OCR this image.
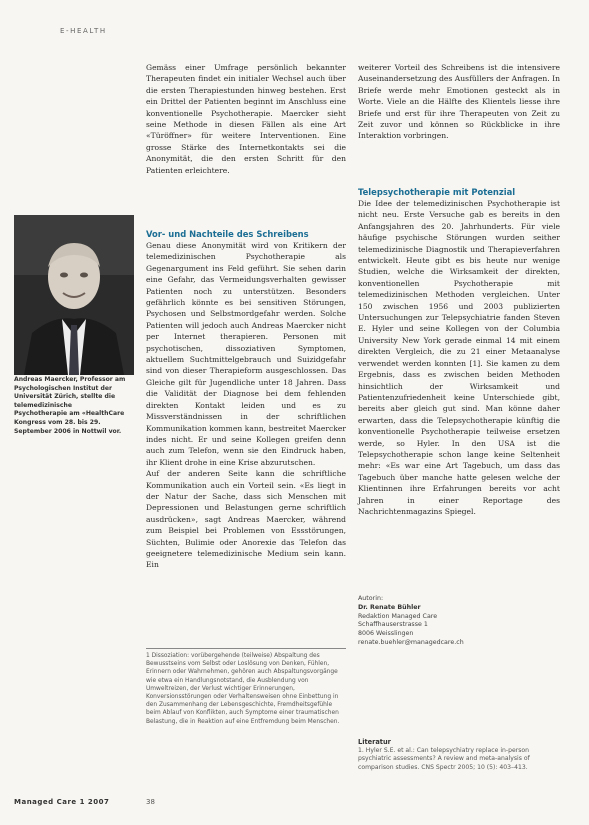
E-HEALTH
Andreas Maercker, Professor am Psychologischen Institut der Universität Zürich, stellte die telemedizinische Psychotherapie am «HealthCare Kongress vom 28. bis 29. September 2006 in Nottwil vor.

Gemäss einer Umfrage persönlich bekannter Therapeuten findet ein initialer Wechsel auch über die ersten Therapiestunden hinweg bestehen. Erst ein Drittel der Patienten beginnt im Anschluss eine konventionelle Psychotherapie. Maercker sieht seine Methode in diesen Fällen als eine Art «Türöffner» für weitere Interventionen. Eine grosse Stärke des Internetkontakts sei die Anonymität, die den ersten Schritt für den Patienten erleichtere.

Vor- und Nachteile des Schreibens

Genau diese Anonymität wird von Kritikern der telemedizinischen Psychotherapie als Gegenargument ins Feld geführt. Sie sehen darin eine Gefahr, das Vermeidungsverhalten gewisser Patienten noch zu unterstützen. Besonders gefährlich könnte es bei sensitiven Störungen, Psychosen und Selbstmordgefahr werden. Solche Patienten will jedoch auch Andreas Maercker nicht per Internet therapieren. Personen mit psychotischen, dissoziativen Symptomen, aktuellem Suchtmittelgebrauch und Suizidgefahr sind von dieser Therapieform ausgeschlossen. Das Gleiche gilt für Jugendliche unter 18 Jahren. Dass die Validität der Diagnose bei dem fehlenden direkten Kontakt leiden und es zu Missverständnissen in der schriftlichen Kommunikation kommen kann, bestreitet Maercker indes nicht. Er und seine Kollegen greifen denn auch zum Telefon, wenn sie den Eindruck haben, ihr Klient drohe in eine Krise abzurutschen.

Auf der anderen Seite kann die schriftliche Kommunikation auch ein Vorteil sein. «Es liegt in der Natur der Sache, dass sich Menschen mit Depressionen und Belastungen gerne schriftlich ausdrücken», sagt Andreas Maercker, während zum Beispiel bei Problemen von Essstörungen, Süchten, Bulimie oder Anorexie das Telefon das geeignetere telemedizinische Medium sein kann. Ein

1 Dissoziation: vorübergehende (teilweise) Abspaltung des Bewusstseins vom Selbst oder Loslösung von Denken, Fühlen, Erinnern oder Wahrnehmen, gehören auch Abspaltungsvorgänge wie etwa ein Handlungsnotstand, die Ausblendung von Umweltreizen, der Verlust wichtiger Erinnerungen, Konversionsstörungen oder Verhaltensweisen ohne Einbettung in den Zusammenhang der Lebensgeschichte, Fremdheitsgefühle beim Ablauf von Konflikten, auch Symptome einer traumatischen Belastung, die in Reaktion auf eine Entfremdung beim Menschen.

weiterer Vorteil des Schreibens ist die intensivere Auseinandersetzung des Ausfüllers der Anfragen. In Briefe werde mehr Emotionen gesteckt als in Worte. Viele an die Hälfte des Klientels liesse ihre Briefe und erst für ihre Therapeuten von Zeit zu Zeit zuvor und können so Rückblicke in ihre Interaktion vorbringen.

Telepsychotherapie mit Potenzial

Die Idee der telemedizinischen Psychotherapie ist nicht neu. Erste Versuche gab es bereits in den Anfangsjahren des 20. Jahrhunderts. Für viele häufige psychische Störungen wurden seither telemedizinische Diagnostik und Therapieverfahren entwickelt. Heute gibt es bis heute nur wenige Studien, welche die Wirksamkeit der direkten, konventionellen Psychotherapie mit telemedizinischen Methoden vergleichen. Unter 150 zwischen 1956 und 2003 publizierten Untersuchungen zur Telepsychiatrie fanden Steven E. Hyler und seine Kollegen von der Columbia University New York gerade einmal 14 mit einem direkten Vergleich, die zu 21 einer Metaanalyse verwendet werden konnten [1]. Sie kamen zu dem Ergebnis, dass es zwischen beiden Methoden hinsichtlich der Wirksamkeit und Patientenzufriedenheit keine Unterschiede gibt, bereits aber gleich gut sind. Man könne daher erwarten, dass die Telepsychotherapie künftig die konventionelle Psychotherapie teilweise ersetzen werde, so Hyler. In den USA ist die Telepsychotherapie schon lange keine Seltenheit mehr: «Es war eine Art Tagebuch, um dass das Tagebuch über manche hatte gelesen welche der Klientinnen ihre Erfahrungen bereits vor acht Jahren in einer Reportage des Nachrichtenmagazins Spiegel.

Autorin:
Dr. Renate Bühler
Redaktion Managed Care
Schaffhauserstrasse 1
8006 Weisslingen
renate.buehler@managedcare.ch
Literatur
1. Hyler S.E. et al.: Can telepsychiatry replace in-person psychiatric assessments? A review and meta-analysis of comparison studies. CNS Spectr 2005; 10 (5): 403–413.
Managed Care 1 2007	38
